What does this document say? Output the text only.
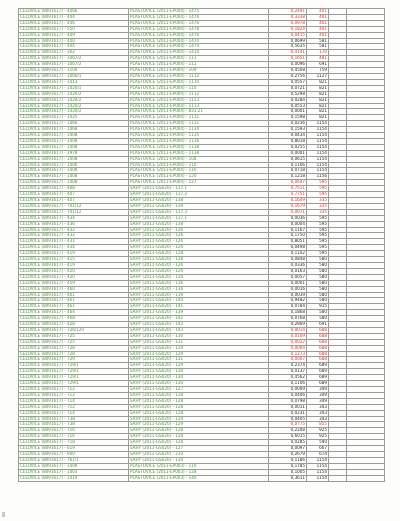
CELOVICE (8091617) - 4466	PLASTOVICE (2011-EP004) - 1475	0,2491	401		
CELOVICE (8091617) - 444	PLASTOVICE (2011-EP004) - 1476	0,3338	401		
CELOVICE (8091617) - 446	PLASTOVICE (2011-EP004) - 1476	0,0978	401		
CELOVICE (8091617) - 550	PLASTOVICE (2011-EP004) - 1478	0,1824	401		
CELOVICE (8091617) - 449	PLASTOVICE (2011-EP004) - 1476	0,0415	401		
CELOVICE (8091617) - 440	PLASTOVICE (2011-EP004) - 1470	0,0699	581		
CELOVICE (8091617) - 404	PLASTOVICE (2011-EP004) - 1474	0,5635	581		
CELOVICE (8091617) - 302	PLASTOVICE (2011-EP004) - 1410	0,4141	170		
CELOVICE (8091617) - 1067/2	PLASTOVICE (2011-EP004) - 111	0,1651	481		
CELOVICE (8091617) - 1067/2	PLASTOVICE (2011-EP004) - 111	0,0096	691		
CELOVICE (8091617) - 1100	PLASTOVICE (2011-EP004) - 109	0,4508	759		
CELOVICE (8091617) - 1066/1	PLASTOVICE (2011-EP004) - 1112	0,2756	1127		
CELOVICE (8091617) - 1413	PLASTOVICE (2011-EP004) - 1110	0,0557	821		
CELOVICE (8091617) - 1420/1	PLASTOVICE (2011-EP004) - 110	0,0721	821		
CELOVICE (8091617) - 1420/2	PLASTOVICE (2011-EP004) - 1112	0,5298	821		
CELOVICE (8091617) - 1420/2	PLASTOVICE (2011-EP004) - 1113	0,0284	821		
CELOVICE (8091617) - 1420/2	PLASTOVICE (2011-EP004) - 1113	0,0553	821		
CELOVICE (8091617) - 1420/2	PLASTOVICE (2011-EP004) - 831.21	0,0001	821		
CELOVICE (8091617) - 1425	PLASTOVICE (2011-EP004) - 1131	0,1598	821		
CELOVICE (8091617) - 1466	PLASTOVICE (2011-EP004) - 1131	0,0236	1154		
CELOVICE (8091617) - 1468	PLASTOVICE (2011-EP004) - 1134	0,1593	1154		
CELOVICE (8091617) - 1408	PLASTOVICE (2011-EP004) - 1135	0,0434	1154		
CELOVICE (8091617) - 1408	PLASTOVICE (2011-EP004) - 1136	0,8018	1154		
CELOVICE (8091617) - 1408	PLASTOVICE (2011-EP004) - 1138	0,0255	1154		
CELOVICE (8091617) - 2978	PLASTOVICE (2011-EP004) - 1138	0,0001	1154		
CELOVICE (8091617) - 1408	PLASTOVICE (2011-EP004) - 108	0,0615	1154		
CELOVICE (8091617) - 1406	PLASTOVICE (2011-EP004) - 110	0,1106	1154		
CELOVICE (8091617) - 1406	PLASTOVICE (2011-EP004) - 110	0,0718	1154		
CELOVICE (8091617) - 1408	PLASTOVICE (2011-EP004) - 120	0,1218	1156		
CELOVICE (8091617) - 1408	PLASTOVICE (2011-EP004) - 127	0,0647	595		
CELOVICE (8091617) - 408	SAHY (2011-GS020) - 137.1	0,7511	595		
CELOVICE (8091617) - 407	SAHY (2011-GS020) - 137.2	0,7751	595		
CELOVICE (8091617) - 407	SAHY (2011-GS020) - 138	0,1649	335		
CELOVICE (8091617) - 741/12	SAHY (2011-GS020) - 139	0,1679	335		
CELOVICE (8091617) - 741/12	SAHY (2011-GS020) - 137.3	0,0071	335		
CELOVICE (8091617) - 434	SAHY (2011-GS020) - 137.1	0,0036	595		
CELOVICE (8091617) - 436	SAHY (2011-GS020) - 138	0,0004	595		
CELOVICE (8091617) - 432	SAHY (2011-GS020) - 126	0,1167	595		
CELOVICE (8091617) - 432	SAHY (2011-GS020) - 126	0,1750	595		
CELOVICE (8091617) - 431	SAHY (2011-GS020) - 126	0,8051	595		
CELOVICE (8091617) - 434	SAHY (2011-GS020) - 126	0,0498	595		
CELOVICE (8091617) - 419	SAHY (2011-GS020) - 128	0,1102	595		
CELOVICE (8091617) - 415	SAHY (2011-GS020) - 128	0,0848	580		
CELOVICE (8091617) - 419	SAHY (2011-GS020) - 126	0,0336	580		
CELOVICE (8091617) - 420	SAHY (2011-GS020) - 126	0,0163	580		
CELOVICE (8091617) - 420	SAHY (2011-GS020) - 134	0,0057	580		
CELOVICE (8091617) - 459	SAHY (2011-GS020) - 136	0,0001	580		
CELOVICE (8091617) - 460	SAHY (2011-GS020) - 136	0,0016	580		
CELOVICE (8091617) - 461	SAHY (2011-GS020) - 139	0,0039	580		
CELOVICE (8091617) - 461	SAHY (2011-GS020) - 140	0,9482	580		
CELOVICE (8091617) - 461	SAHY (2011-GS020) - 141	0,0784	915		
CELOVICE (8091617) - 464	SAHY (2011-GS020) - 139	0,1868	580		
CELOVICE (8091617) - 468	SAHY (2011-GS020) - 142	0,0768	580		
CELOVICE (8091617) - 428	SAHY (2011-GS020) - 142	0,2869	691		
CELOVICE (8091617) - 726/120	SAHY (2011-GS020) - 143	0,0014	688		
CELOVICE (8091617) - 725	SAHY (2011-GS020) - 130	0,0109	688		
CELOVICE (8091617) - 725	SAHY (2011-GS020) - 131	0,0022	688		
CELOVICE (8091617) - 728	SAHY (2011-GS020) - 129	0,0004	688		
CELOVICE (8091617) - 728	SAHY (2011-GS020) - 129	0,1273	688		
CELOVICE (8091617) - 729	SAHY (2011-GS020) - 131	0,0007	688		
CELOVICE (8091617) - 729/1	SAHY (2011-GS020) - 129	0,2374	689		
CELOVICE (8091617) - 729/1	SAHY (2011-GS020) - 130	0,0137	689		
CELOVICE (8091617) - 729/1	SAHY (2011-GS020) - 130	0,4562	689		
CELOVICE (8091617) - 729/1	SAHY (2011-GS020) - 130	0,1106	689		
CELOVICE (8091617) - 712	SAHY (2011-GS020) - 127	0,0009	349		
CELOVICE (8091617) - 712	SAHY (2011-GS020) - 128	0,0406	349		
CELOVICE (8091617) - 714	SAHY (2011-GS020) - 128	0,0798	349		
CELOVICE (8091617) - 712	SAHY (2011-GS020) - 128	0,0011	343		
CELOVICE (8091617) - 714	SAHY (2011-GS020) - 128	0,0231	343		
CELOVICE (8091617) - 738	SAHY (2011-GS020) - 129	0,0405	343		
CELOVICE (8091617) - 738	SAHY (2011-GS020) - 129	0,0775	855		
CELOVICE (8091617) - 716	SAHY (2011-GS020) - 128	0,2208	925		
CELOVICE (8091617) - 716	SAHY (2011-GS020) - 128	0,6015	925		
CELOVICE (8091617) - 718	SAHY (2011-GS020) - 128	0,0285	590		
CELOVICE (8091617) - 619	SAHY (2011-GS020) - 127	0,0097	667		
CELOVICE (8091617) - 600	SAHY (2011-GS020) - 210	0,2679	674		
CELOVICE (8091617) - 761/1	SAHY (2011-GS020) - 130	0,1186	1154		
CELOVICE (8091617) - 1409	PLASTOVICE (2011-EP003) - 110	0,1785	1154		
CELOVICE (8091617) - 1403	PLASTOVICE (2011-EP003) - 128	0,1005	1154		
CELOVICE (8091617) - 1410	PLASTOVICE (2011-EP003) - 140	0,3611	1154		
